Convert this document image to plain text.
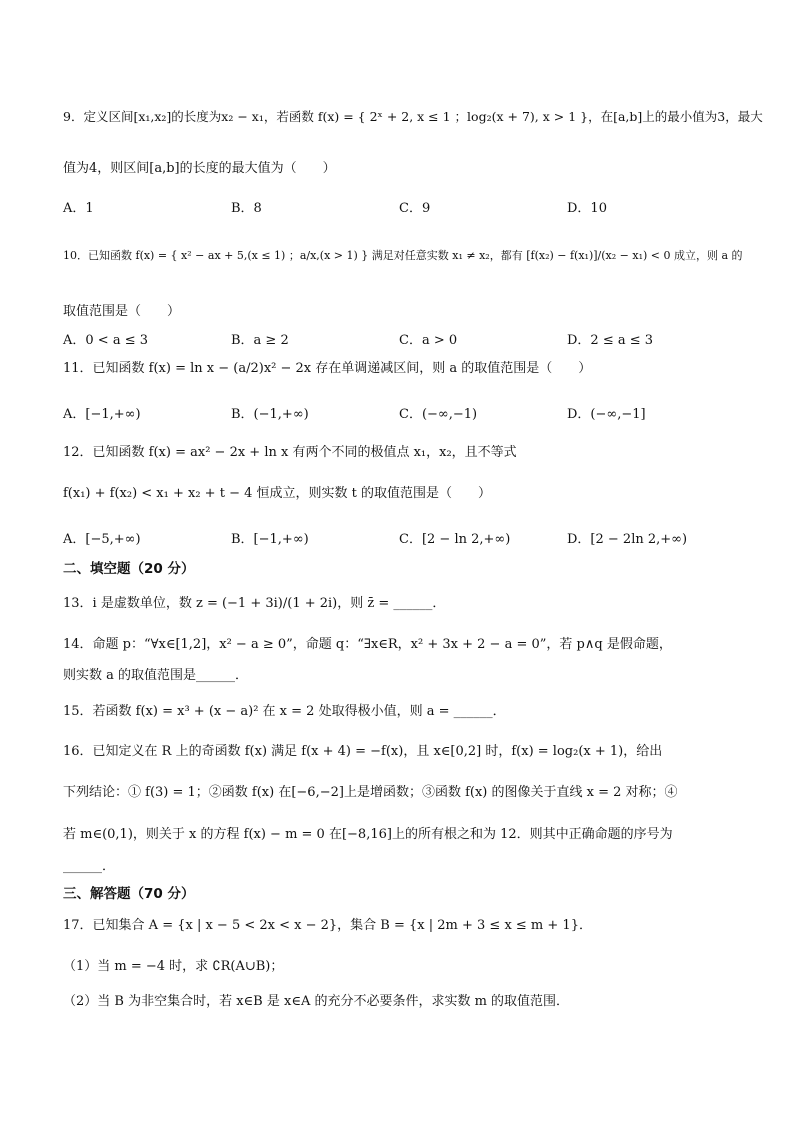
9．定义区间[x₁,x₂]的长度为x₂ − x₁，若函数 f(x) = { 2ˣ + 2, x ≤ 1 ；log₂(x + 7), x > 1 }，在[a,b]上的最小值为3，最大
值为4，则区间[a,b]的长度的最大值为（　　）
A．1	B．8	C．9	D．10
10．已知函数 f(x) = { x² − ax + 5,(x ≤ 1) ；a/x,(x > 1) } 满足对任意实数 x₁ ≠ x₂，都有 [f(x₂) − f(x₁)]/(x₂ − x₁) < 0 成立，则 a 的
取值范围是（　　）
A．0 < a ≤ 3	B．a ≥ 2	C．a > 0	D．2 ≤ a ≤ 3
11．已知函数 f(x) = ln x − (a/2)x² − 2x 存在单调递减区间，则 a 的取值范围是（　　）
A．[−1,+∞)	B．(−1,+∞)	C．(−∞,−1)	D．(−∞,−1]
12．已知函数 f(x) = ax² − 2x + ln x 有两个不同的极值点 x₁，x₂，且不等式
f(x₁) + f(x₂) < x₁ + x₂ + t − 4 恒成立，则实数 t 的取值范围是（　　）
A．[−5,+∞)	B．[−1,+∞)	C．[2 − ln 2,+∞)	D．[2 − 2ln 2,+∞)
二、填空题（20 分）
13．i 是虚数单位，数 z = (−1 + 3i)/(1 + 2i)，则 z̄ = ______．
14．命题 p：“∀x∈[1,2]，x² − a ≥ 0”，命题 q：“∃x∈R，x² + 3x + 2 − a = 0”，若 p∧q 是假命题，
则实数 a 的取值范围是______．
15．若函数 f(x) = x³ + (x − a)² 在 x = 2 处取得极小值，则 a = ______．
16．已知定义在 R 上的奇函数 f(x) 满足 f(x + 4) = −f(x)，且 x∈[0,2] 时，f(x) = log₂(x + 1)，给出
下列结论：① f(3) = 1；②函数 f(x) 在[−6,−2]上是增函数；③函数 f(x) 的图像关于直线 x = 2 对称；④
若 m∈(0,1)，则关于 x 的方程 f(x) − m = 0 在[−8,16]上的所有根之和为 12．则其中正确命题的序号为
______．
三、解答题（70 分）
17．已知集合 A = {x | x − 5 < 2x < x − 2}，集合 B = {x | 2m + 3 ≤ x ≤ m + 1}．
（1）当 m = −4 时，求 ∁R(A∪B)；
（2）当 B 为非空集合时，若 x∈B 是 x∈A 的充分不必要条件，求实数 m 的取值范围．
